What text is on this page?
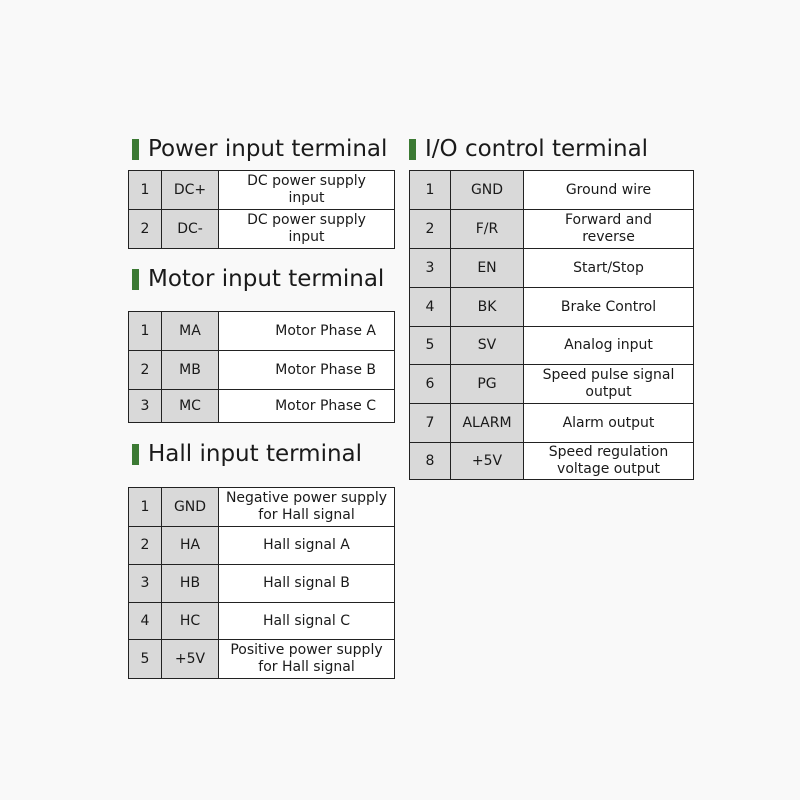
Power input terminal
1	DC+	DC power supply
input

2	DC-	DC power supply
input
Motor input terminal
1	MA	Motor Phase A
2	MB	Motor Phase B
3	MC	Motor Phase C
Hall input terminal
1	GND	Negative power supply
for Hall signal

2	HA	Hall signal A
3	HB	Hall signal B
4	HC	Hall signal C
5	+5V	Positive power supply
for Hall signal
I/O control terminal
1	GND	Ground wire
2	F/R	Forward and
reverse

3	EN	Start/Stop
4	BK	Brake Control
5	SV	Analog input
6	PG	Speed pulse signal
output

7	ALARM	Alarm output
8	+5V	Speed regulation
voltage output
